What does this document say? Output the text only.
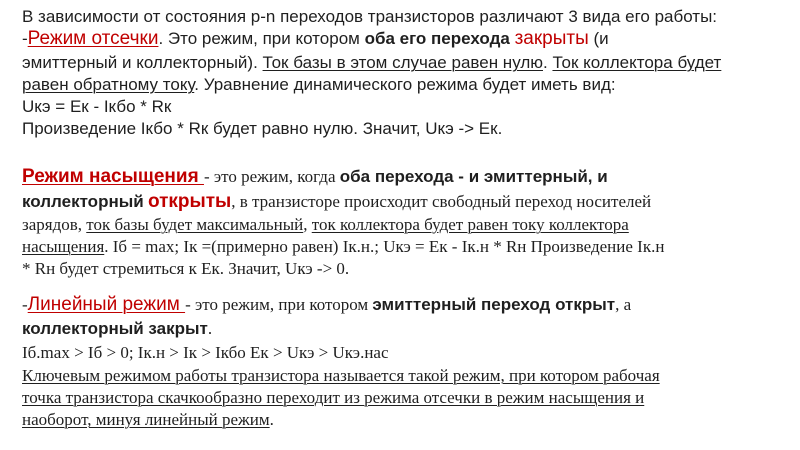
В зависимости от состояния p-n переходов транзисторов различают 3 вида его работы:
-Режим отсечки. Это режим, при котором оба его перехода закрыты (и
эмиттерный и коллекторный). Ток базы в этом случае равен нулю. Ток коллектора будет
равен обратному току. Уравнение динамического режима будет иметь вид:
Uкэ = Eк - Iкбо * Rк
Произведение Iкбо * Rк будет равно нулю. Значит, Uкэ -> Eк.
Режим насыщения - это режим, когда оба перехода - и эмиттерный, и
коллекторный открыты, в транзисторе происходит свободный переход носителей
зарядов, ток базы будет максимальный, ток коллектора будет равен току коллектора
насыщения. Iб = max; Iк =(примерно равен) Iк.н.; Uкэ = Eк - Iк.н * Rн Произведение Iк.н
* Rн будет стремиться к Eк. Значит, Uкэ -> 0.
-Линейный режим - это режим, при котором эмиттерный переход открыт, а
коллекторный закрыт.
Iб.max > Iб > 0; Iк.н > Iк > Iкбо Eк > Uкэ > Uкэ.нас
Ключевым режимом работы транзистора называется такой режим, при котором рабочая
точка транзистора скачкообразно переходит из режима отсечки в режим насыщения и
наоборот, минуя линейный режим.
